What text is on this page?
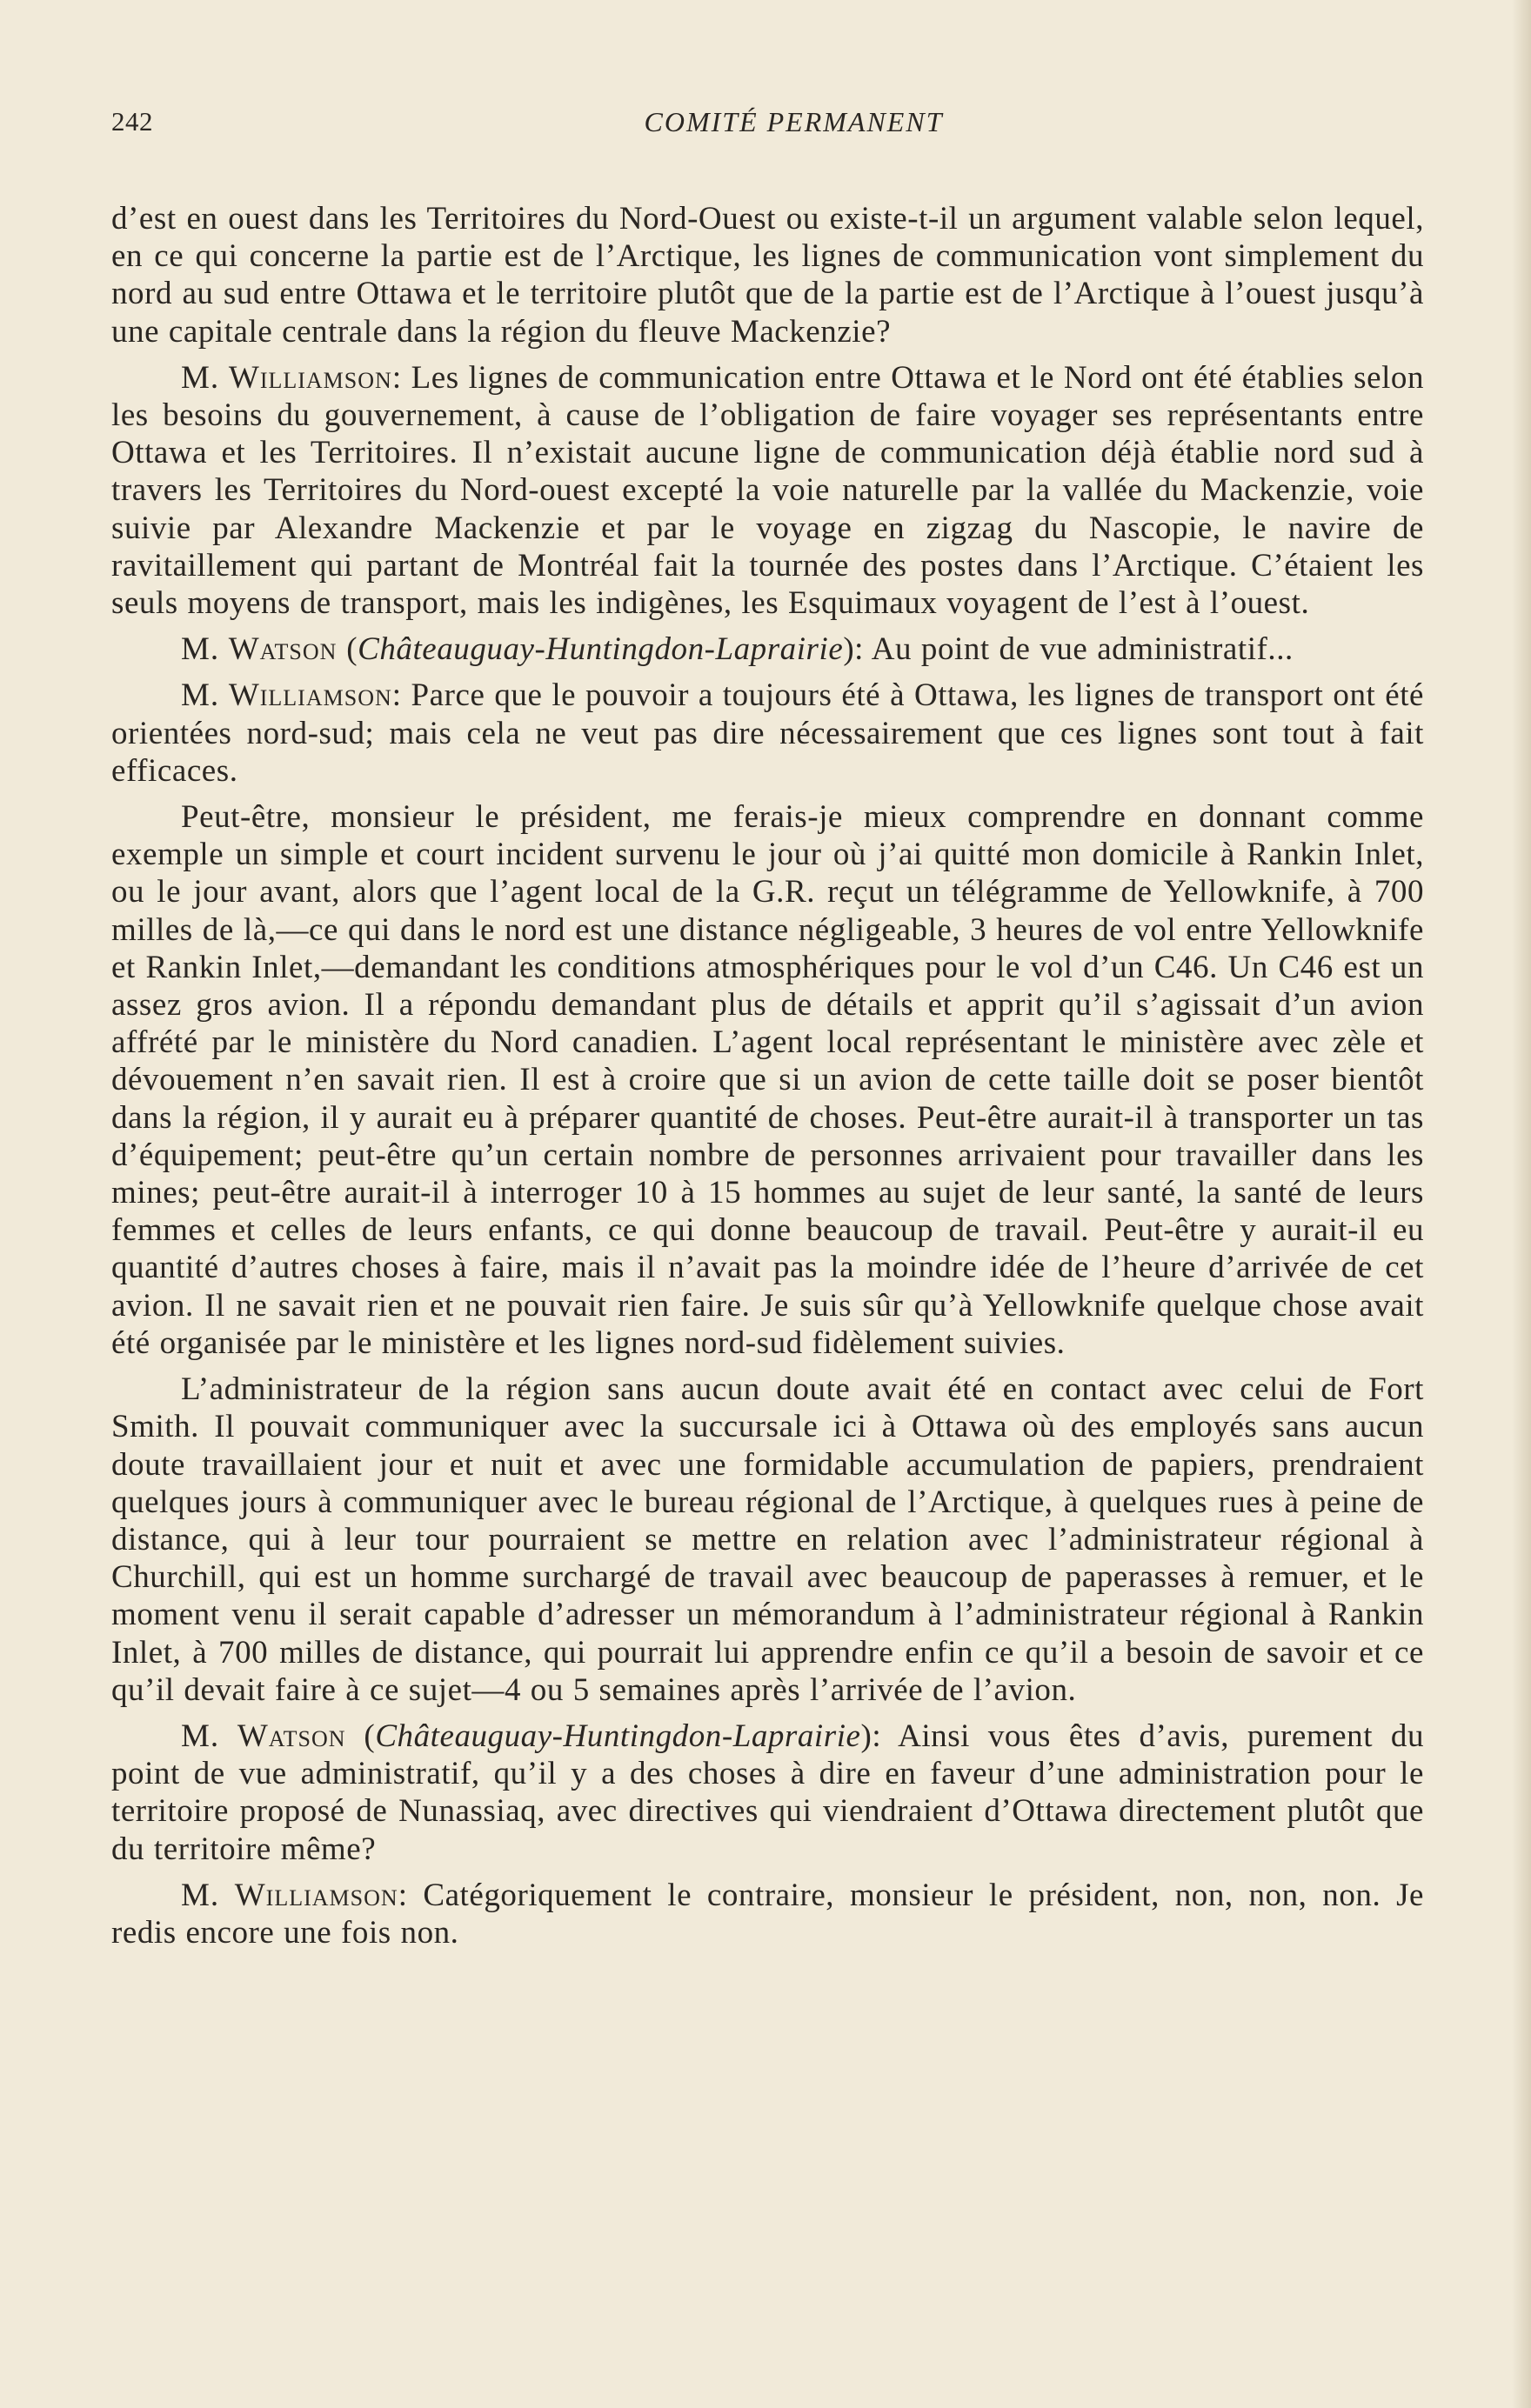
242	COMITÉ PERMANENT

d’est en ouest dans les Territoires du Nord-Ouest ou existe-t-il un argument valable selon lequel, en ce qui concerne la partie est de l’Arctique, les lignes de communication vont simplement du nord au sud entre Ottawa et le territoire plutôt que de la partie est de l’Arctique à l’ouest jusqu’à une capitale centrale dans la région du fleuve Mackenzie?

M. Williamson: Les lignes de communication entre Ottawa et le Nord ont été établies selon les besoins du gouvernement, à cause de l’obligation de faire voyager ses représentants entre Ottawa et les Territoires. Il n’existait aucune ligne de communication déjà établie nord sud à travers les Territoires du Nord-ouest excepté la voie naturelle par la vallée du Mackenzie, voie suivie par Alexandre Mackenzie et par le voyage en zigzag du Nascopie, le navire de ravitaillement qui partant de Montréal fait la tournée des postes dans l’Arctique. C’étaient les seuls moyens de transport, mais les indigènes, les Esquimaux voyagent de l’est à l’ouest.

M. Watson (Châteauguay-Huntingdon-Laprairie): Au point de vue administratif...

M. Williamson: Parce que le pouvoir a toujours été à Ottawa, les lignes de transport ont été orientées nord-sud; mais cela ne veut pas dire nécessairement que ces lignes sont tout à fait efficaces.

Peut-être, monsieur le président, me ferais-je mieux comprendre en donnant comme exemple un simple et court incident survenu le jour où j’ai quitté mon domicile à Rankin Inlet, ou le jour avant, alors que l’agent local de la G.R. reçut un télégramme de Yellowknife, à 700 milles de là,—ce qui dans le nord est une distance négligeable, 3 heures de vol entre Yellowknife et Rankin Inlet,—demandant les conditions atmosphériques pour le vol d’un C46. Un C46 est un assez gros avion. Il a répondu demandant plus de détails et apprit qu’il s’agissait d’un avion affrété par le ministère du Nord canadien. L’agent local représentant le ministère avec zèle et dévouement n’en savait rien. Il est à croire que si un avion de cette taille doit se poser bientôt dans la région, il y aurait eu à préparer quantité de choses. Peut-être aurait-il à transporter un tas d’équipement; peut-être qu’un certain nombre de personnes arrivaient pour travailler dans les mines; peut-être aurait-il à interroger 10 à 15 hommes au sujet de leur santé, la santé de leurs femmes et celles de leurs enfants, ce qui donne beaucoup de travail. Peut-être y aurait-il eu quantité d’autres choses à faire, mais il n’avait pas la moindre idée de l’heure d’arrivée de cet avion. Il ne savait rien et ne pouvait rien faire. Je suis sûr qu’à Yellowknife quelque chose avait été organisée par le ministère et les lignes nord-sud fidèlement suivies.

L’administrateur de la région sans aucun doute avait été en contact avec celui de Fort Smith. Il pouvait communiquer avec la succursale ici à Ottawa où des employés sans aucun doute travaillaient jour et nuit et avec une formidable accumulation de papiers, prendraient quelques jours à communiquer avec le bureau régional de l’Arctique, à quelques rues à peine de distance, qui à leur tour pourraient se mettre en relation avec l’administrateur régional à Churchill, qui est un homme surchargé de travail avec beaucoup de paperasses à remuer, et le moment venu il serait capable d’adresser un mémorandum à l’administrateur régional à Rankin Inlet, à 700 milles de distance, qui pourrait lui apprendre enfin ce qu’il a besoin de savoir et ce qu’il devait faire à ce sujet—4 ou 5 semaines après l’arrivée de l’avion.

M. Watson (Châteauguay-Huntingdon-Laprairie): Ainsi vous êtes d’avis, purement du point de vue administratif, qu’il y a des choses à dire en faveur d’une administration pour le territoire proposé de Nunassiaq, avec directives qui viendraient d’Ottawa directement plutôt que du territoire même?

M. Williamson: Catégoriquement le contraire, monsieur le président, non, non, non. Je redis encore une fois non.
